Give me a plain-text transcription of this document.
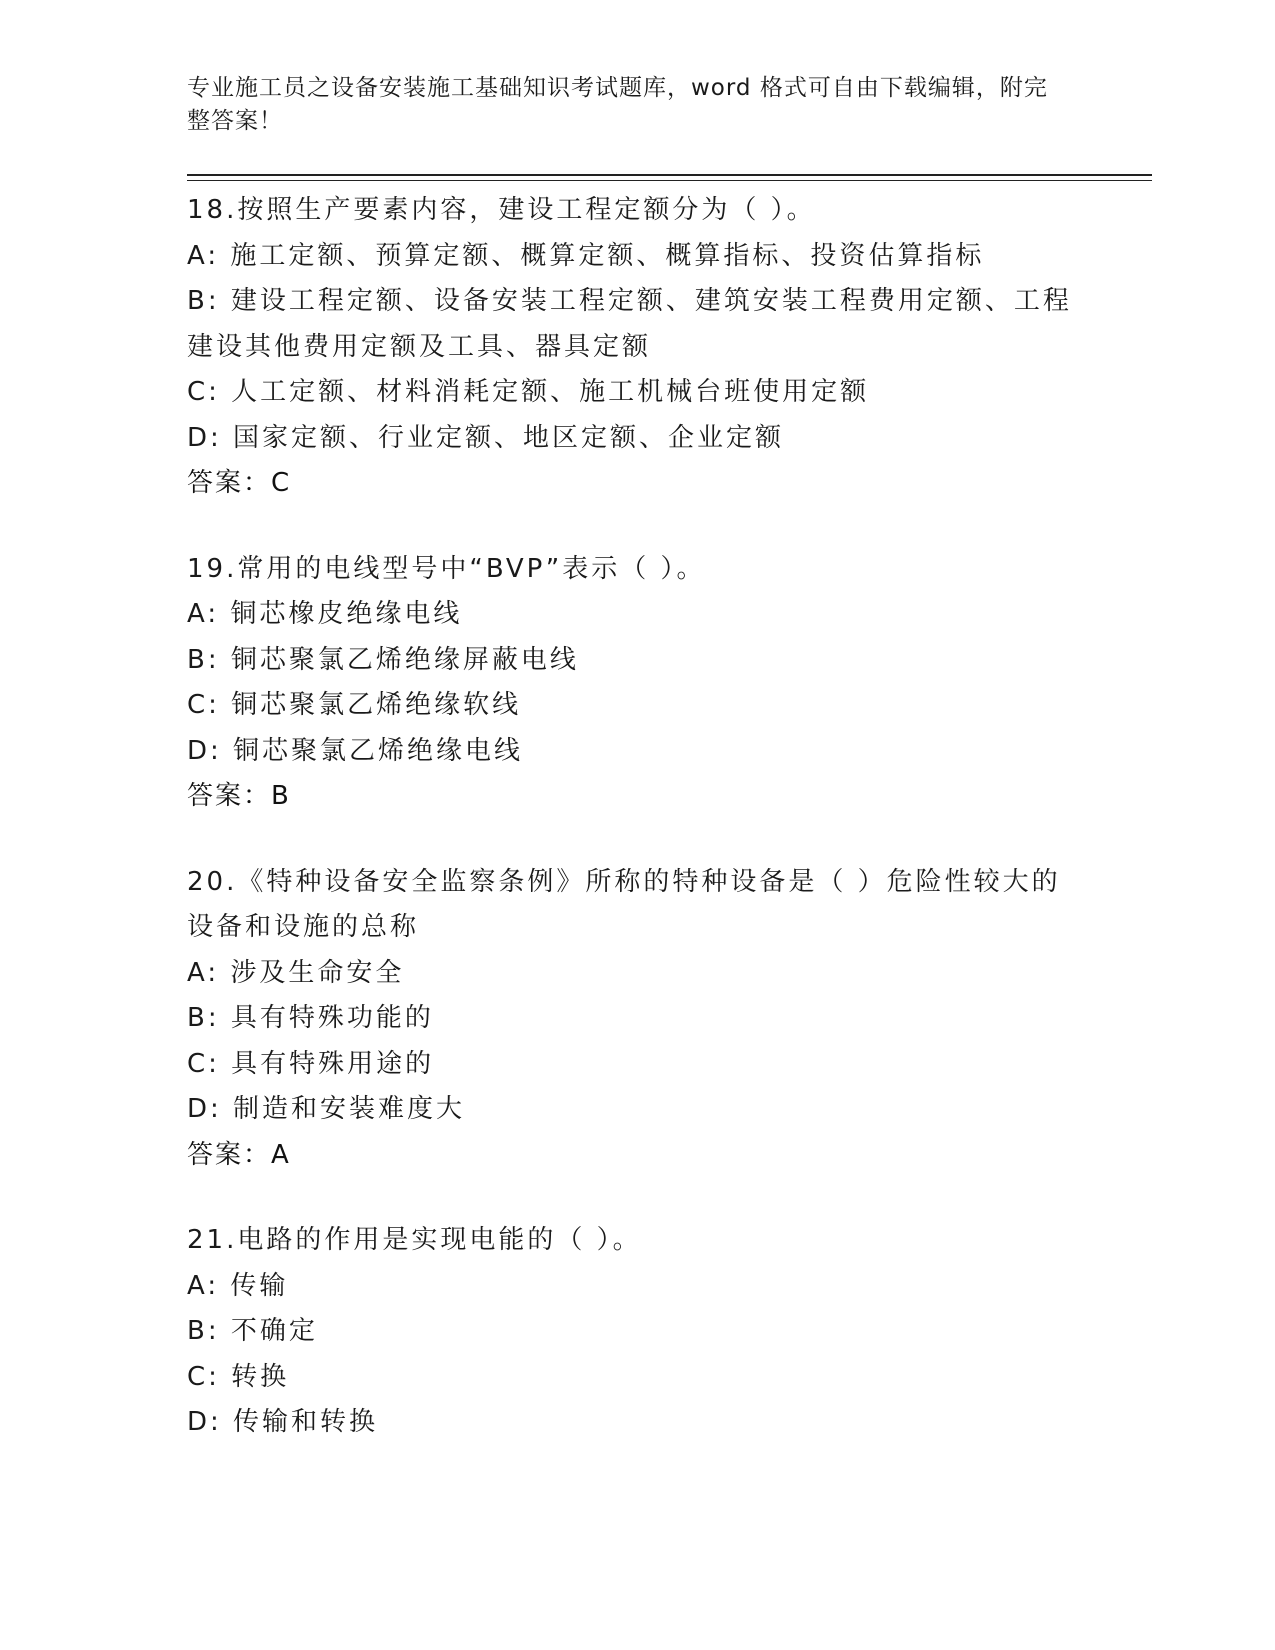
专业施工员之设备安装施工基础知识考试题库，word 格式可自由下载编辑，附完整答案！
18.按照生产要素内容，建设工程定额分为（ ）。
A: 施工定额、预算定额、概算定额、概算指标、投资估算指标
B: 建设工程定额、设备安装工程定额、建筑安装工程费用定额、工程建设其他费用定额及工具、器具定额
C: 人工定额、材料消耗定额、施工机械台班使用定额
D: 国家定额、行业定额、地区定额、企业定额
答案：C
19.常用的电线型号中“BVP”表示（ ）。
A: 铜芯橡皮绝缘电线
B: 铜芯聚氯乙烯绝缘屏蔽电线
C: 铜芯聚氯乙烯绝缘软线
D: 铜芯聚氯乙烯绝缘电线
答案：B
20.《特种设备安全监察条例》所称的特种设备是（ ）危险性较大的设备和设施的总称
A: 涉及生命安全
B: 具有特殊功能的
C: 具有特殊用途的
D: 制造和安装难度大
答案：A
21.电路的作用是实现电能的（ ）。
A: 传输
B: 不确定
C: 转换
D: 传输和转换
